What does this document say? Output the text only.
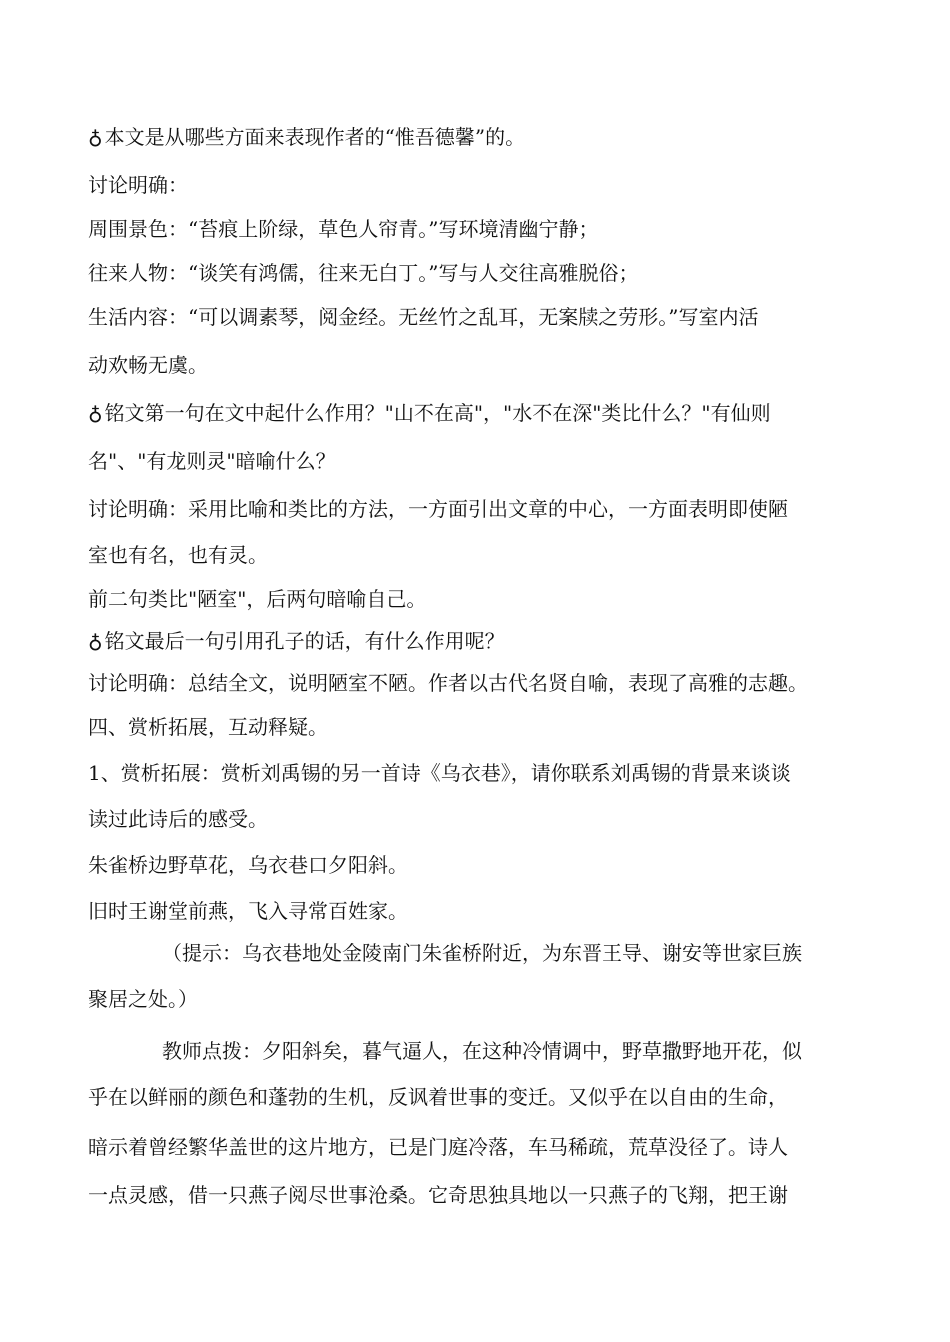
♁ 本文是从哪些方面来表现作者的“惟吾德馨”的。
讨论明确：
周围景色：“苔痕上阶绿，草色人帘青。”写环境清幽宁静；
往来人物：“谈笑有鸿儒，往来无白丁。”写与人交往高雅脱俗；
生活内容：“可以调素琴，阅金经。无丝竹之乱耳，无案牍之劳形。”写室内活
动欢畅无虞。
♁ 铭文第一句在文中起什么作用？"山不在高"，"水不在深"类比什么？"有仙则
名"、"有龙则灵"暗喻什么？
讨论明确：采用比喻和类比的方法，一方面引出文章的中心，一方面表明即使陋
室也有名，也有灵。
前二句类比"陋室"，后两句暗喻自己。
♁ 铭文最后一句引用孔子的话，有什么作用呢？
讨论明确：总结全文，说明陋室不陋。作者以古代名贤自喻，表现了高雅的志趣。
四、赏析拓展，互动释疑。
1、赏析拓展：赏析刘禹锡的另一首诗《乌衣巷》，请你联系刘禹锡的背景来谈谈
读过此诗后的感受。
朱雀桥边野草花，乌衣巷口夕阳斜。
旧时王谢堂前燕，飞入寻常百姓家。
（提示：乌衣巷地处金陵南门朱雀桥附近，为东晋王导、谢安等世家巨族
聚居之处。）
教师点拨：夕阳斜矣，暮气逼人，在这种冷情调中，野草撒野地开花，似
乎在以鲜丽的颜色和蓬勃的生机，反讽着世事的变迁。又似乎在以自由的生命，
暗示着曾经繁华盖世的这片地方，已是门庭冷落，车马稀疏，荒草没径了。诗人
一点灵感，借一只燕子阅尽世事沧桑。它奇思独具地以一只燕子的飞翔，把王谢
